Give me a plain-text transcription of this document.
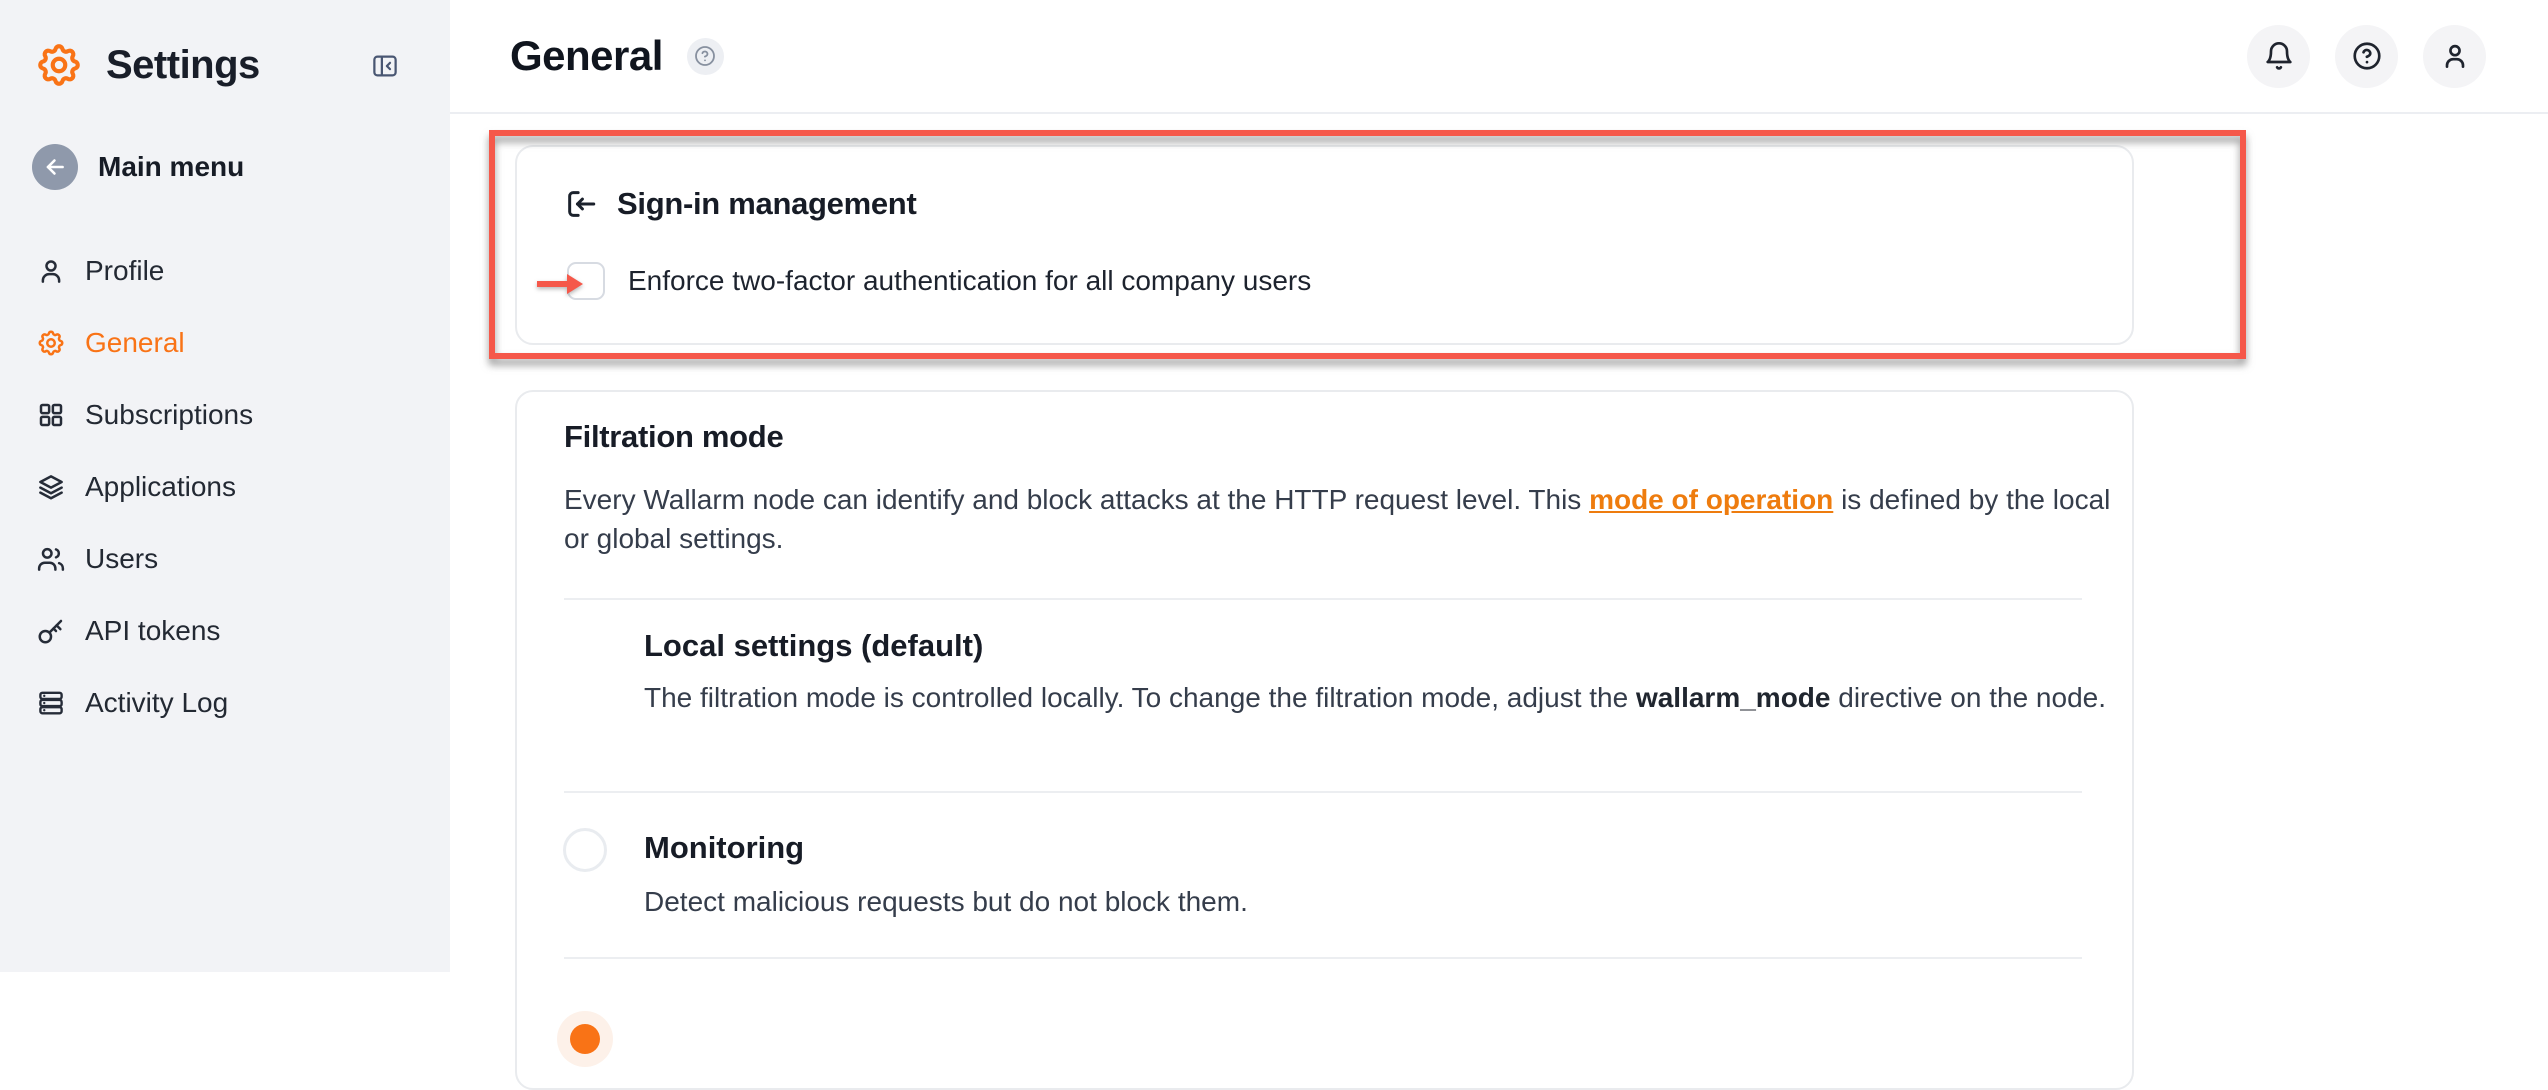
Settings
Main menu
Profile
General
Subscriptions
Applications
Users
API tokens
Activity Log
General
Sign-in management
Enforce two-factor authentication for all company users
Filtration mode

Every Wallarm node can identify and block attacks at the HTTP request level. This mode of operation is defined by the local or global settings.

Local settings (default)

The filtration mode is controlled locally. To change the filtration mode, adjust the wallarm_mode directive on the node.

Monitoring

Detect malicious requests but do not block them.
